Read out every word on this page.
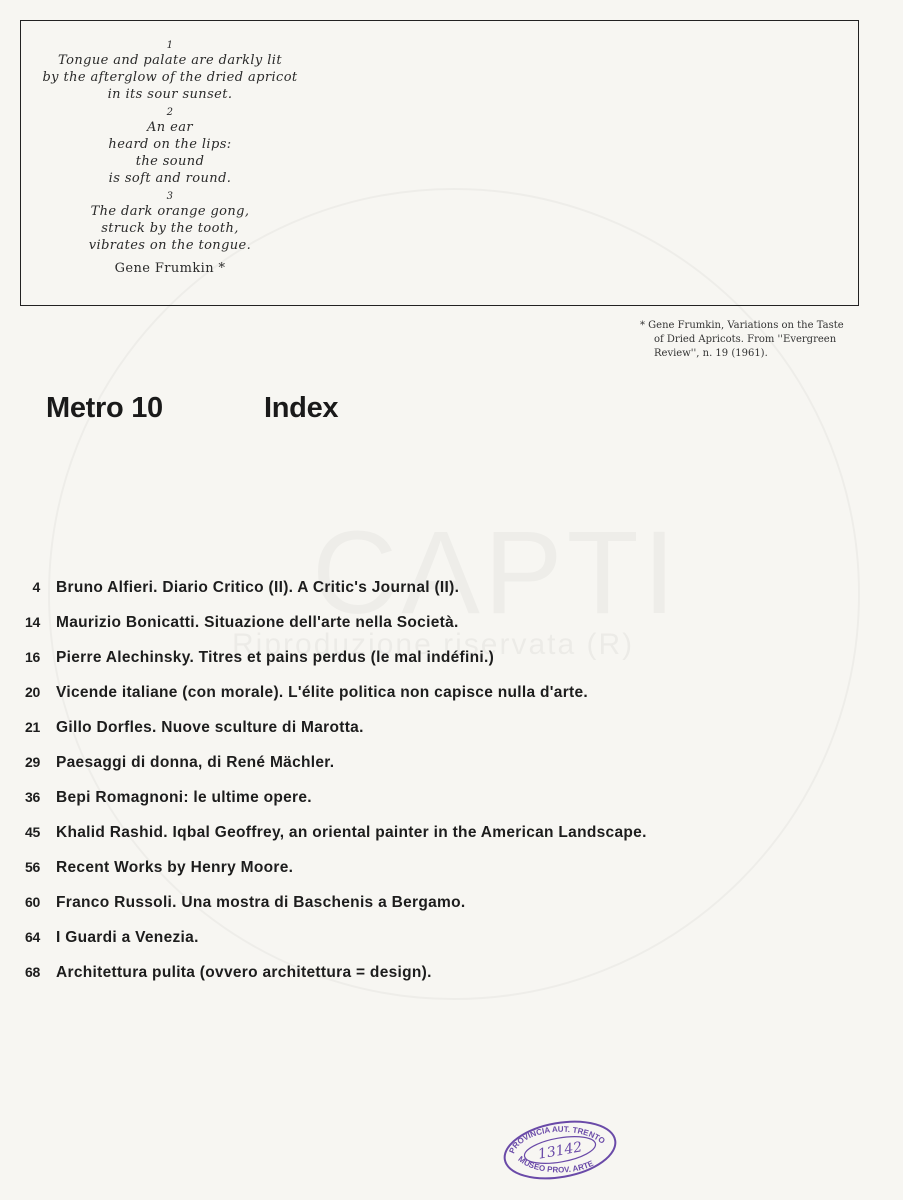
1
Tongue and palate are darkly lit
by the afterglow of the dried apricot
in its sour sunset.
2
An ear
heard on the lips:
the sound
is soft and round.
3
The dark orange gong,
struck by the tooth,
vibrates on the tongue.
Gene Frumkin *
* Gene Frumkin, Variations on the Taste
of Dried Apricots. From ''Evergreen
Review'', n. 19 (1961).
Metro 10	Index
4 Bruno Alfieri. Diario Critico (II). A Critic's Journal (II).
14 Maurizio Bonicatti. Situazione dell'arte nella Società.
16 Pierre Alechinsky. Titres et pains perdus (le mal indéfini.)
20 Vicende italiane (con morale). L'élite politica non capisce nulla d'arte.
21 Gillo Dorfles. Nuove sculture di Marotta.
29 Paesaggi di donna, di René Mächler.
36 Bepi Romagnoni: le ultime opere.
45 Khalid Rashid. Iqbal Geoffrey, an oriental painter in the American Landscape.
56 Recent Works by Henry Moore.
60 Franco Russoli. Una mostra di Baschenis a Bergamo.
64 I Guardi a Venezia.
68 Architettura pulita (ovvero architettura = design).
PROVINCIA AUT. TRENTO
MUSEO PROV. ARTE
13142
